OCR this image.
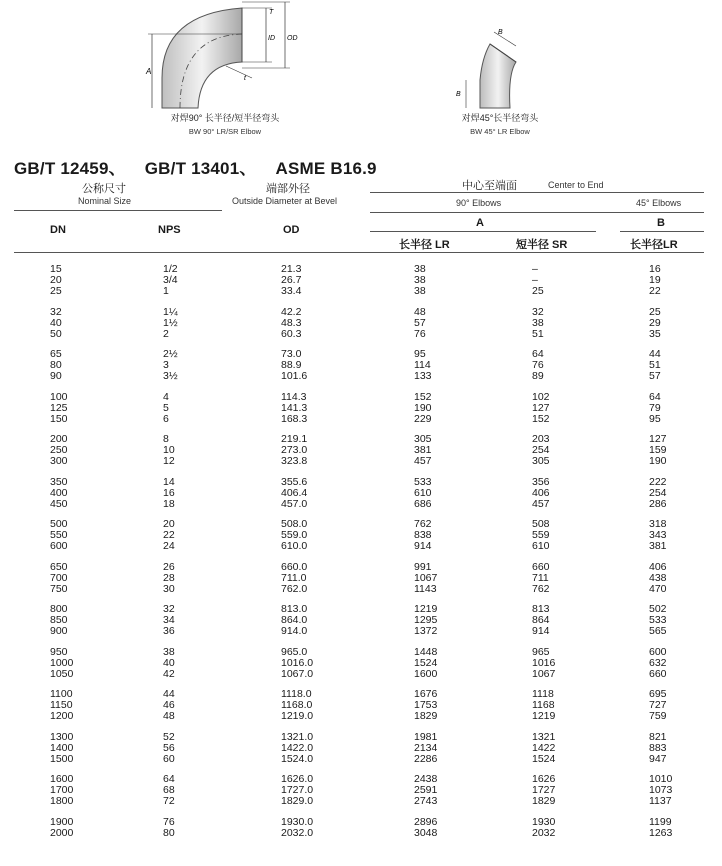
A
T
ID OD
t
对焊90° 长半径/短半径弯头
BW 90° LR/SR Elbow
B
B
对焊45°长半径弯头
BW 45° LR Elbow
GB/T 12459、 GB/T 13401、 ASME B16.9
公称尺寸
Nominal Size
端部外径
Outside Diameter at Bevel
中心至端面	Center to End
90° Elbows	45° Elbows
A	B
DN	NPS	OD
长半径 LR	短半径 SR	长半径LR
15	1/2	21.3	38	–	16
20	3/4	26.7	38	–	19
25	1	33.4	38	25	22
32	1¼	42.2	48	32	25
40	1½	48.3	57	38	29
50	2	60.3	76	51	35
65	2½	73.0	95	64	44
80	3	88.9	114	76	51
90	3½	101.6	133	89	57
100	4	114.3	152	102	64
125	5	141.3	190	127	79
150	6	168.3	229	152	95
200	8	219.1	305	203	127
250	10	273.0	381	254	159
300	12	323.8	457	305	190
350	14	355.6	533	356	222
400	16	406.4	610	406	254
450	18	457.0	686	457	286
500	20	508.0	762	508	318
550	22	559.0	838	559	343
600	24	610.0	914	610	381
650	26	660.0	991	660	406
700	28	711.0	1067	711	438
750	30	762.0	1143	762	470
800	32	813.0	1219	813	502
850	34	864.0	1295	864	533
900	36	914.0	1372	914	565
950	38	965.0	1448	965	600
1000	40	1016.0	1524	1016	632
1050	42	1067.0	1600	1067	660
1100	44	1118.0	1676	1118	695
1150	46	1168.0	1753	1168	727
1200	48	1219.0	1829	1219	759
1300	52	1321.0	1981	1321	821
1400	56	1422.0	2134	1422	883
1500	60	1524.0	2286	1524	947
1600	64	1626.0	2438	1626	1010
1700	68	1727.0	2591	1727	1073
1800	72	1829.0	2743	1829	1137
1900	76	1930.0	2896	1930	1199
2000	80	2032.0	3048	2032	1263
